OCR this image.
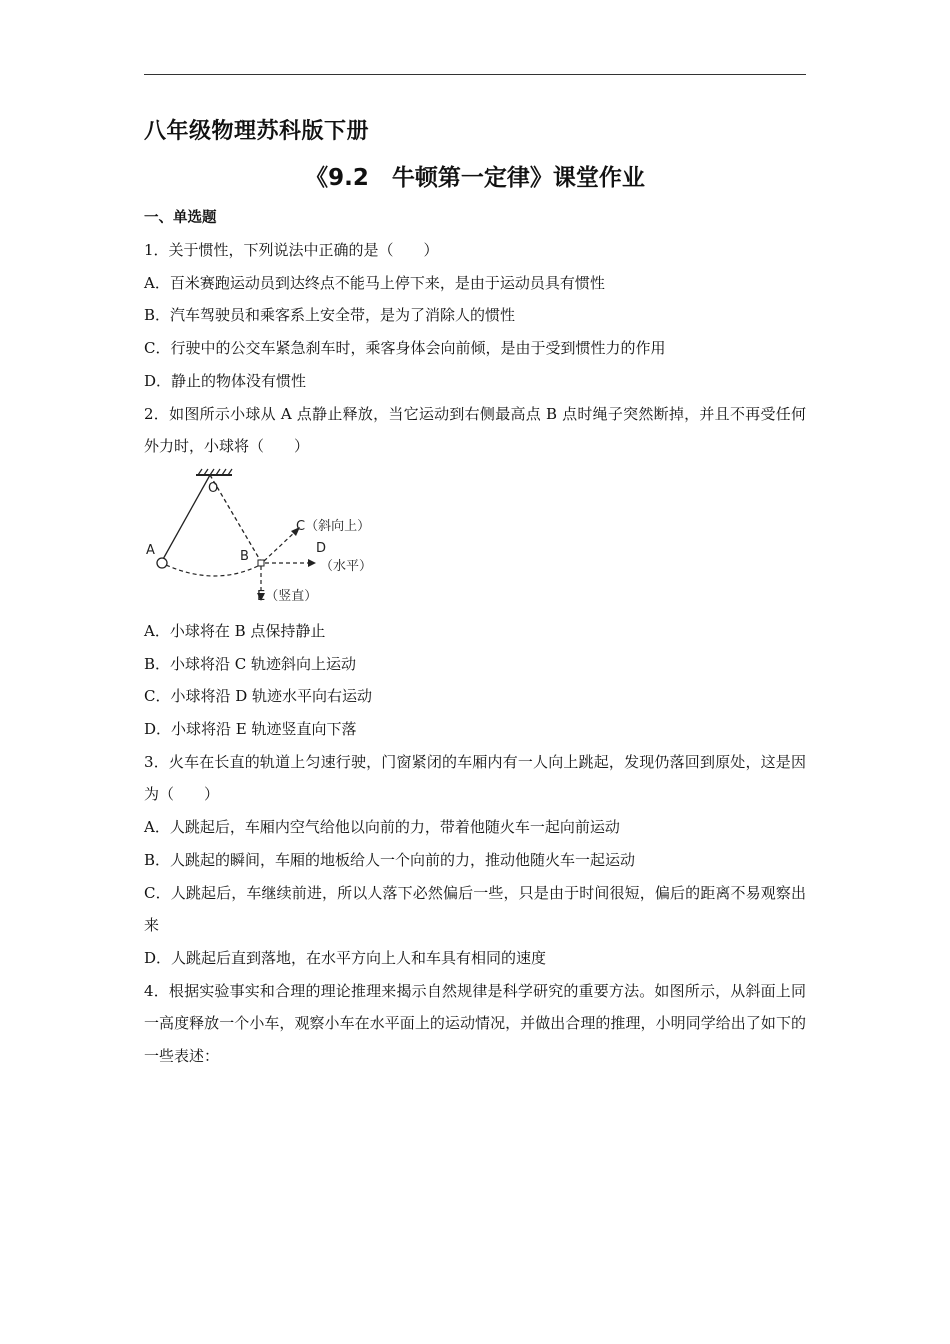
八年级物理苏科版下册
《9.2　牛顿第一定律》课堂作业
一、单选题
1．关于惯性，下列说法中正确的是（　　）
A．百米赛跑运动员到达终点不能马上停下来，是由于运动员具有惯性
B．汽车驾驶员和乘客系上安全带，是为了消除人的惯性
C．行驶中的公交车紧急刹车时，乘客身体会向前倾，是由于受到惯性力的作用
D．静止的物体没有惯性
2．如图所示小球从 A 点静止释放，当它运动到右侧最高点 B 点时绳子突然断掉，并且不再受任何外力时，小球将（　　）
O
A	B
C（斜向上）
D
（水平）
E（竖直）
A．小球将在 B 点保持静止
B．小球将沿 C 轨迹斜向上运动
C．小球将沿 D 轨迹水平向右运动
D．小球将沿 E 轨迹竖直向下落
3．火车在长直的轨道上匀速行驶，门窗紧闭的车厢内有一人向上跳起，发现仍落回到原处，这是因为（　　）
A．人跳起后，车厢内空气给他以向前的力，带着他随火车一起向前运动
B．人跳起的瞬间，车厢的地板给人一个向前的力，推动他随火车一起运动
C．人跳起后，车继续前进，所以人落下必然偏后一些，只是由于时间很短，偏后的距离不易观察出来
D．人跳起后直到落地，在水平方向上人和车具有相同的速度
4．根据实验事实和合理的理论推理来揭示自然规律是科学研究的重要方法。如图所示，从斜面上同一高度释放一个小车，观察小车在水平面上的运动情况，并做出合理的推理，小明同学给出了如下的一些表述：
